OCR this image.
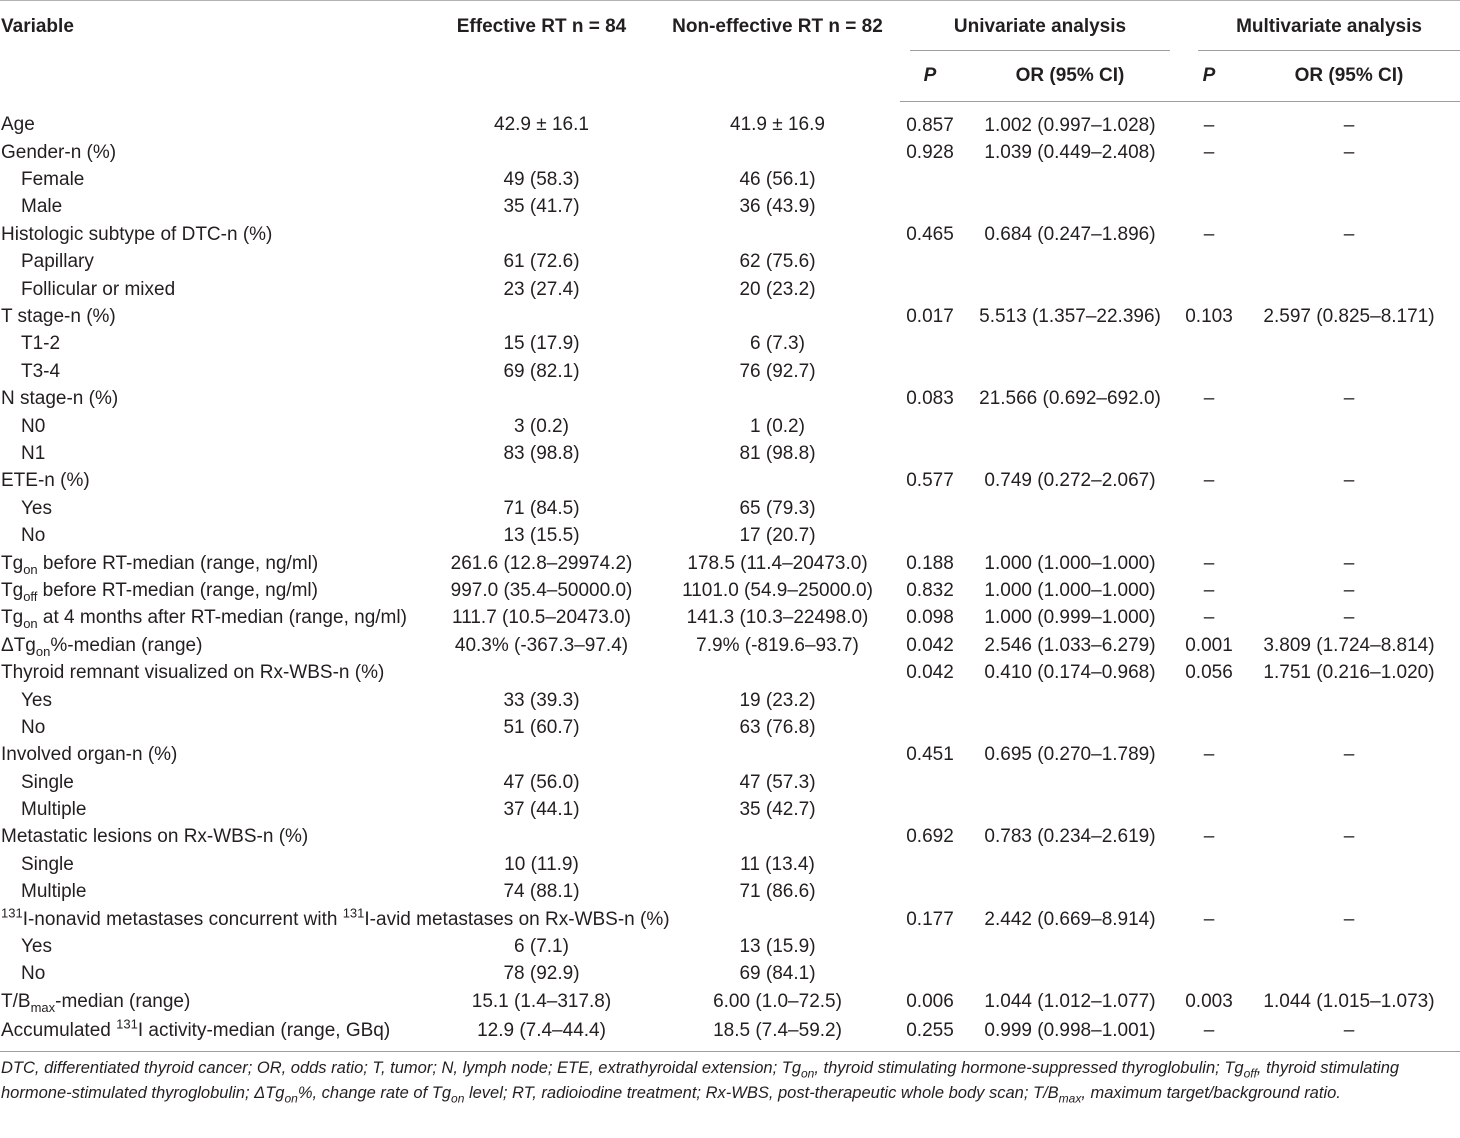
Variable	Effective RT n = 84	Non-effective RT n = 82	Univariate analysis		Multivariate analysis	

			P	OR (95% CI)	P	OR (95% CI)
Age	42.9 ± 16.1	41.9 ± 16.9	0.857	1.002 (0.997–1.028)	–	–
Gender-n (%)			0.928	1.039 (0.449–2.408)	–	–
Female	49 (58.3)	46 (56.1)				
Male	35 (41.7)	36 (43.9)				
Histologic subtype of DTC-n (%)			0.465	0.684 (0.247–1.896)	–	–
Papillary	61 (72.6)	62 (75.6)				
Follicular or mixed	23 (27.4)	20 (23.2)				
T stage-n (%)			0.017	5.513 (1.357–22.396)	0.103	2.597 (0.825–8.171)
T1-2	15 (17.9)	6 (7.3)				
T3-4	69 (82.1)	76 (92.7)				
N stage-n (%)			0.083	21.566 (0.692–692.0)	–	–
N0	3 (0.2)	1 (0.2)				
N1	83 (98.8)	81 (98.8)				
ETE-n (%)			0.577	0.749 (0.272–2.067)	–	–
Yes	71 (84.5)	65 (79.3)				
No	13 (15.5)	17 (20.7)				
$Tg_{on}$ before RT-median (range, ng/ml)	261.6 (12.8–29974.2)	178.5 (11.4–20473.0)	0.188	1.000 (1.000–1.000)	–	–
$Tg_{off}$ before RT-median (range, ng/ml)	997.0 (35.4–50000.0)	1101.0 (54.9–25000.0)	0.832	1.000 (1.000–1.000)	–	–
$Tg_{on}$ at 4 months after RT-median (range, ng/ml)	111.7 (10.5–20473.0)	141.3 (10.3–22498.0)	0.098	1.000 (0.999–1.000)	–	–
ΔTg$_{on}$%-median (range)	40.3% (-367.3–97.4)	7.9% (-819.6–93.7)	0.042	2.546 (1.033–6.279)	0.001	3.809 (1.724–8.814)
Thyroid remnant visualized on Rx-WBS-n (%)			0.042	0.410 (0.174–0.968)	0.056	1.751 (0.216–1.020)
Yes	33 (39.3)	19 (23.2)				
No	51 (60.7)	63 (76.8)				
Involved organ-n (%)			0.451	0.695 (0.270–1.789)	–	–
Single	47 (56.0)	47 (57.3)				
Multiple	37 (44.1)	35 (42.7)				
Metastatic lesions on Rx-WBS-n (%)			0.692	0.783 (0.234–2.619)	–	–
Single	10 (11.9)	11 (13.4)				
Multiple	74 (88.1)	71 (86.6)				
$^{131}$I-nonavid metastases concurrent with $^{131}$I-avid metastases on Rx-WBS-n (%)			0.177	2.442 (0.669–8.914)	–	–
Yes	6 (7.1)	13 (15.9)				
No	78 (92.9)	69 (84.1)				
$T/B_{max}$-median (range)	15.1 (1.4–317.8)	6.00 (1.0–72.5)	0.006	1.044 (1.012–1.077)	0.003	1.044 (1.015–1.073)
Accumulated $^{131}$I activity-median (range, GBq)	12.9 (7.4–44.4)	18.5 (7.4–59.2)	0.255	0.999 (0.998–1.001)	–	–
DTC, differentiated thyroid cancer; OR, odds ratio; T, tumor; N, lymph node; ETE, extrathyroidal extension; $Tg_{on}$, thyroid stimulating hormone-suppressed thyroglobulin; $Tg_{off}$, thyroid stimulating hormone-stimulated thyroglobulin; ΔTg$_{on}$%, change rate of $Tg_{on}$ level; RT, radioiodine treatment; Rx-WBS, post-therapeutic whole body scan; $T/B_{max}$, maximum target/background ratio.
